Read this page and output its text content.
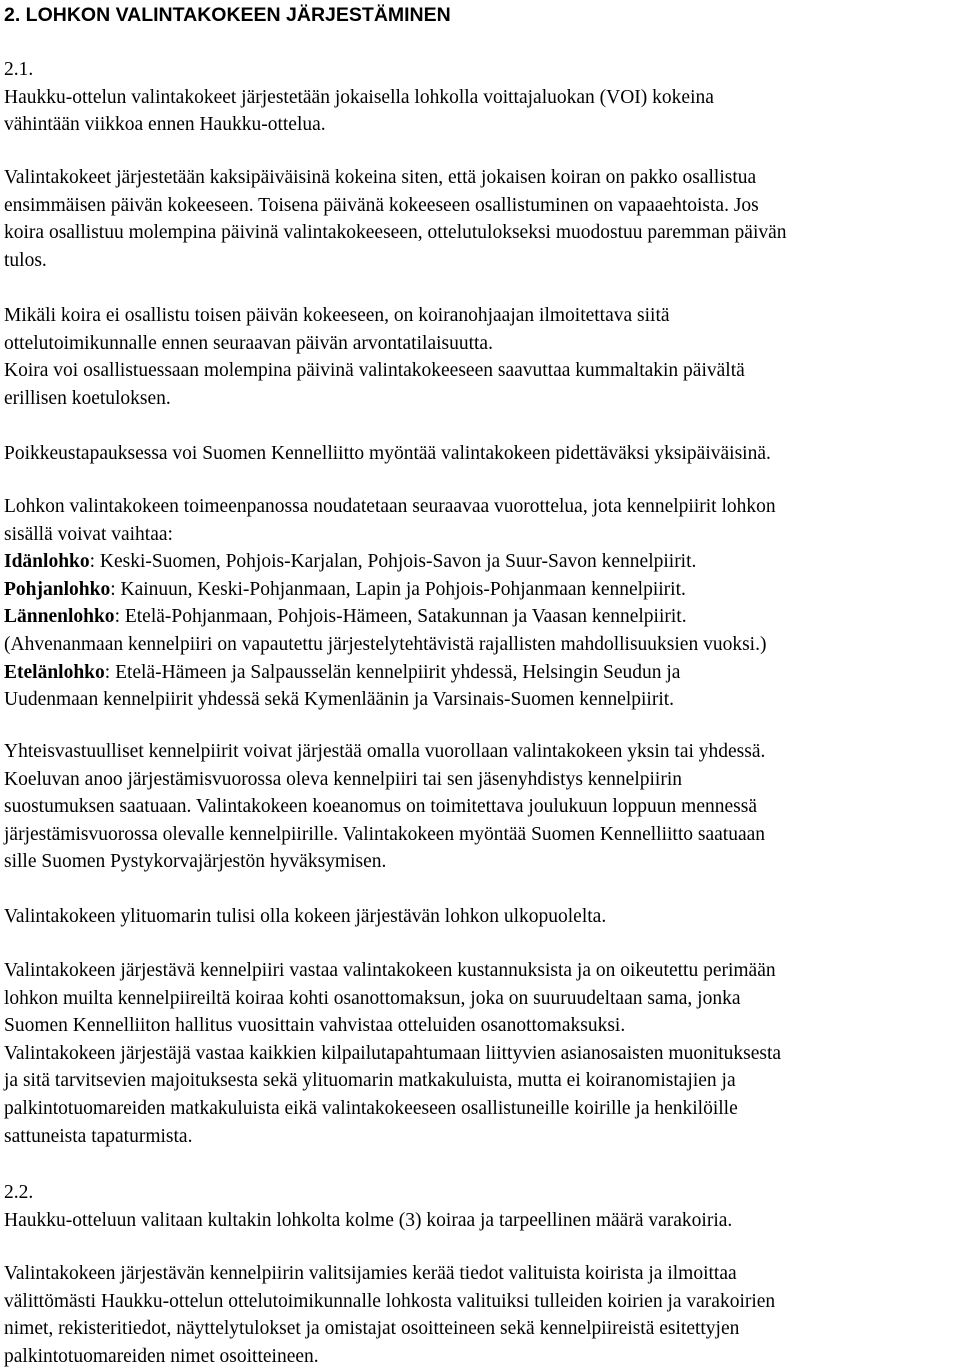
2. LOHKON VALINTAKOKEEN JÄRJESTÄMINEN
2.1.
Haukku-ottelun valintakokeet järjestetään jokaisella lohkolla voittajaluokan (VOI) kokeina
vähintään viikkoa ennen Haukku-ottelua.
Valintakokeet järjestetään kaksipäiväisinä kokeina siten, että jokaisen koiran on pakko osallistua
ensimmäisen päivän kokeeseen. Toisena päivänä kokeeseen osallistuminen on vapaaehtoista. Jos
koira osallistuu molempina päivinä valintakokeeseen, ottelutulokseksi muodostuu paremman päivän
tulos.
Mikäli koira ei osallistu toisen päivän kokeeseen, on koiranohjaajan ilmoitettava siitä
ottelutoimikunnalle ennen seuraavan päivän arvontatilaisuutta.
Koira voi osallistuessaan molempina päivinä valintakokeeseen saavuttaa kummaltakin päivältä
erillisen koetuloksen.
Poikkeustapauksessa voi Suomen Kennelliitto myöntää valintakokeen pidettäväksi yksipäiväisinä.
Lohkon valintakokeen toimeenpanossa noudatetaan seuraavaa vuorottelua, jota kennelpiirit lohkon
sisällä voivat vaihtaa:
Idänlohko: Keski-Suomen, Pohjois-Karjalan, Pohjois-Savon ja Suur-Savon kennelpiirit.
Pohjanlohko: Kainuun, Keski-Pohjanmaan, Lapin ja Pohjois-Pohjanmaan kennelpiirit.
Lännenlohko: Etelä-Pohjanmaan, Pohjois-Hämeen, Satakunnan ja Vaasan kennelpiirit.
(Ahvenanmaan kennelpiiri on vapautettu järjestelytehtävistä rajallisten mahdollisuuksien vuoksi.)
Etelänlohko: Etelä-Hämeen ja Salpausselän kennelpiirit yhdessä, Helsingin Seudun ja
Uudenmaan kennelpiirit yhdessä sekä Kymenläänin ja Varsinais-Suomen kennelpiirit.
Yhteisvastuulliset kennelpiirit voivat järjestää omalla vuorollaan valintakokeen yksin tai yhdessä.
Koeluvan anoo järjestämisvuorossa oleva kennelpiiri tai sen jäsenyhdistys kennelpiirin
suostumuksen saatuaan. Valintakokeen koeanomus on toimitettava joulukuun loppuun mennessä
järjestämisvuorossa olevalle kennelpiirille. Valintakokeen myöntää Suomen Kennelliitto saatuaan
sille Suomen Pystykorvajärjestön hyväksymisen.
Valintakokeen ylituomarin tulisi olla kokeen järjestävän lohkon ulkopuolelta.
Valintakokeen järjestävä kennelpiiri vastaa valintakokeen kustannuksista ja on oikeutettu perimään
lohkon muilta kennelpiireiltä koiraa kohti osanottomaksun, joka on suuruudeltaan sama, jonka
Suomen Kennelliiton hallitus vuosittain vahvistaa otteluiden osanottomaksuksi.
Valintakokeen järjestäjä vastaa kaikkien kilpailutapahtumaan liittyvien asianosaisten muonituksesta
ja sitä tarvitsevien majoituksesta sekä ylituomarin matkakuluista, mutta ei koiranomistajien ja
palkintotuomareiden matkakuluista eikä valintakokeeseen osallistuneille koirille ja henkilöille
sattuneista tapaturmista.
2.2.
Haukku-otteluun valitaan kultakin lohkolta kolme (3) koiraa ja tarpeellinen määrä varakoiria.
Valintakokeen järjestävän kennelpiirin valitsijamies kerää tiedot valituista koirista ja ilmoittaa
välittömästi Haukku-ottelun ottelutoimikunnalle lohkosta valituiksi tulleiden koirien ja varakoirien
nimet, rekisteritiedot, näyttelytulokset ja omistajat osoitteineen sekä kennelpiireistä esitettyjen
palkintotuomareiden nimet osoitteineen.
